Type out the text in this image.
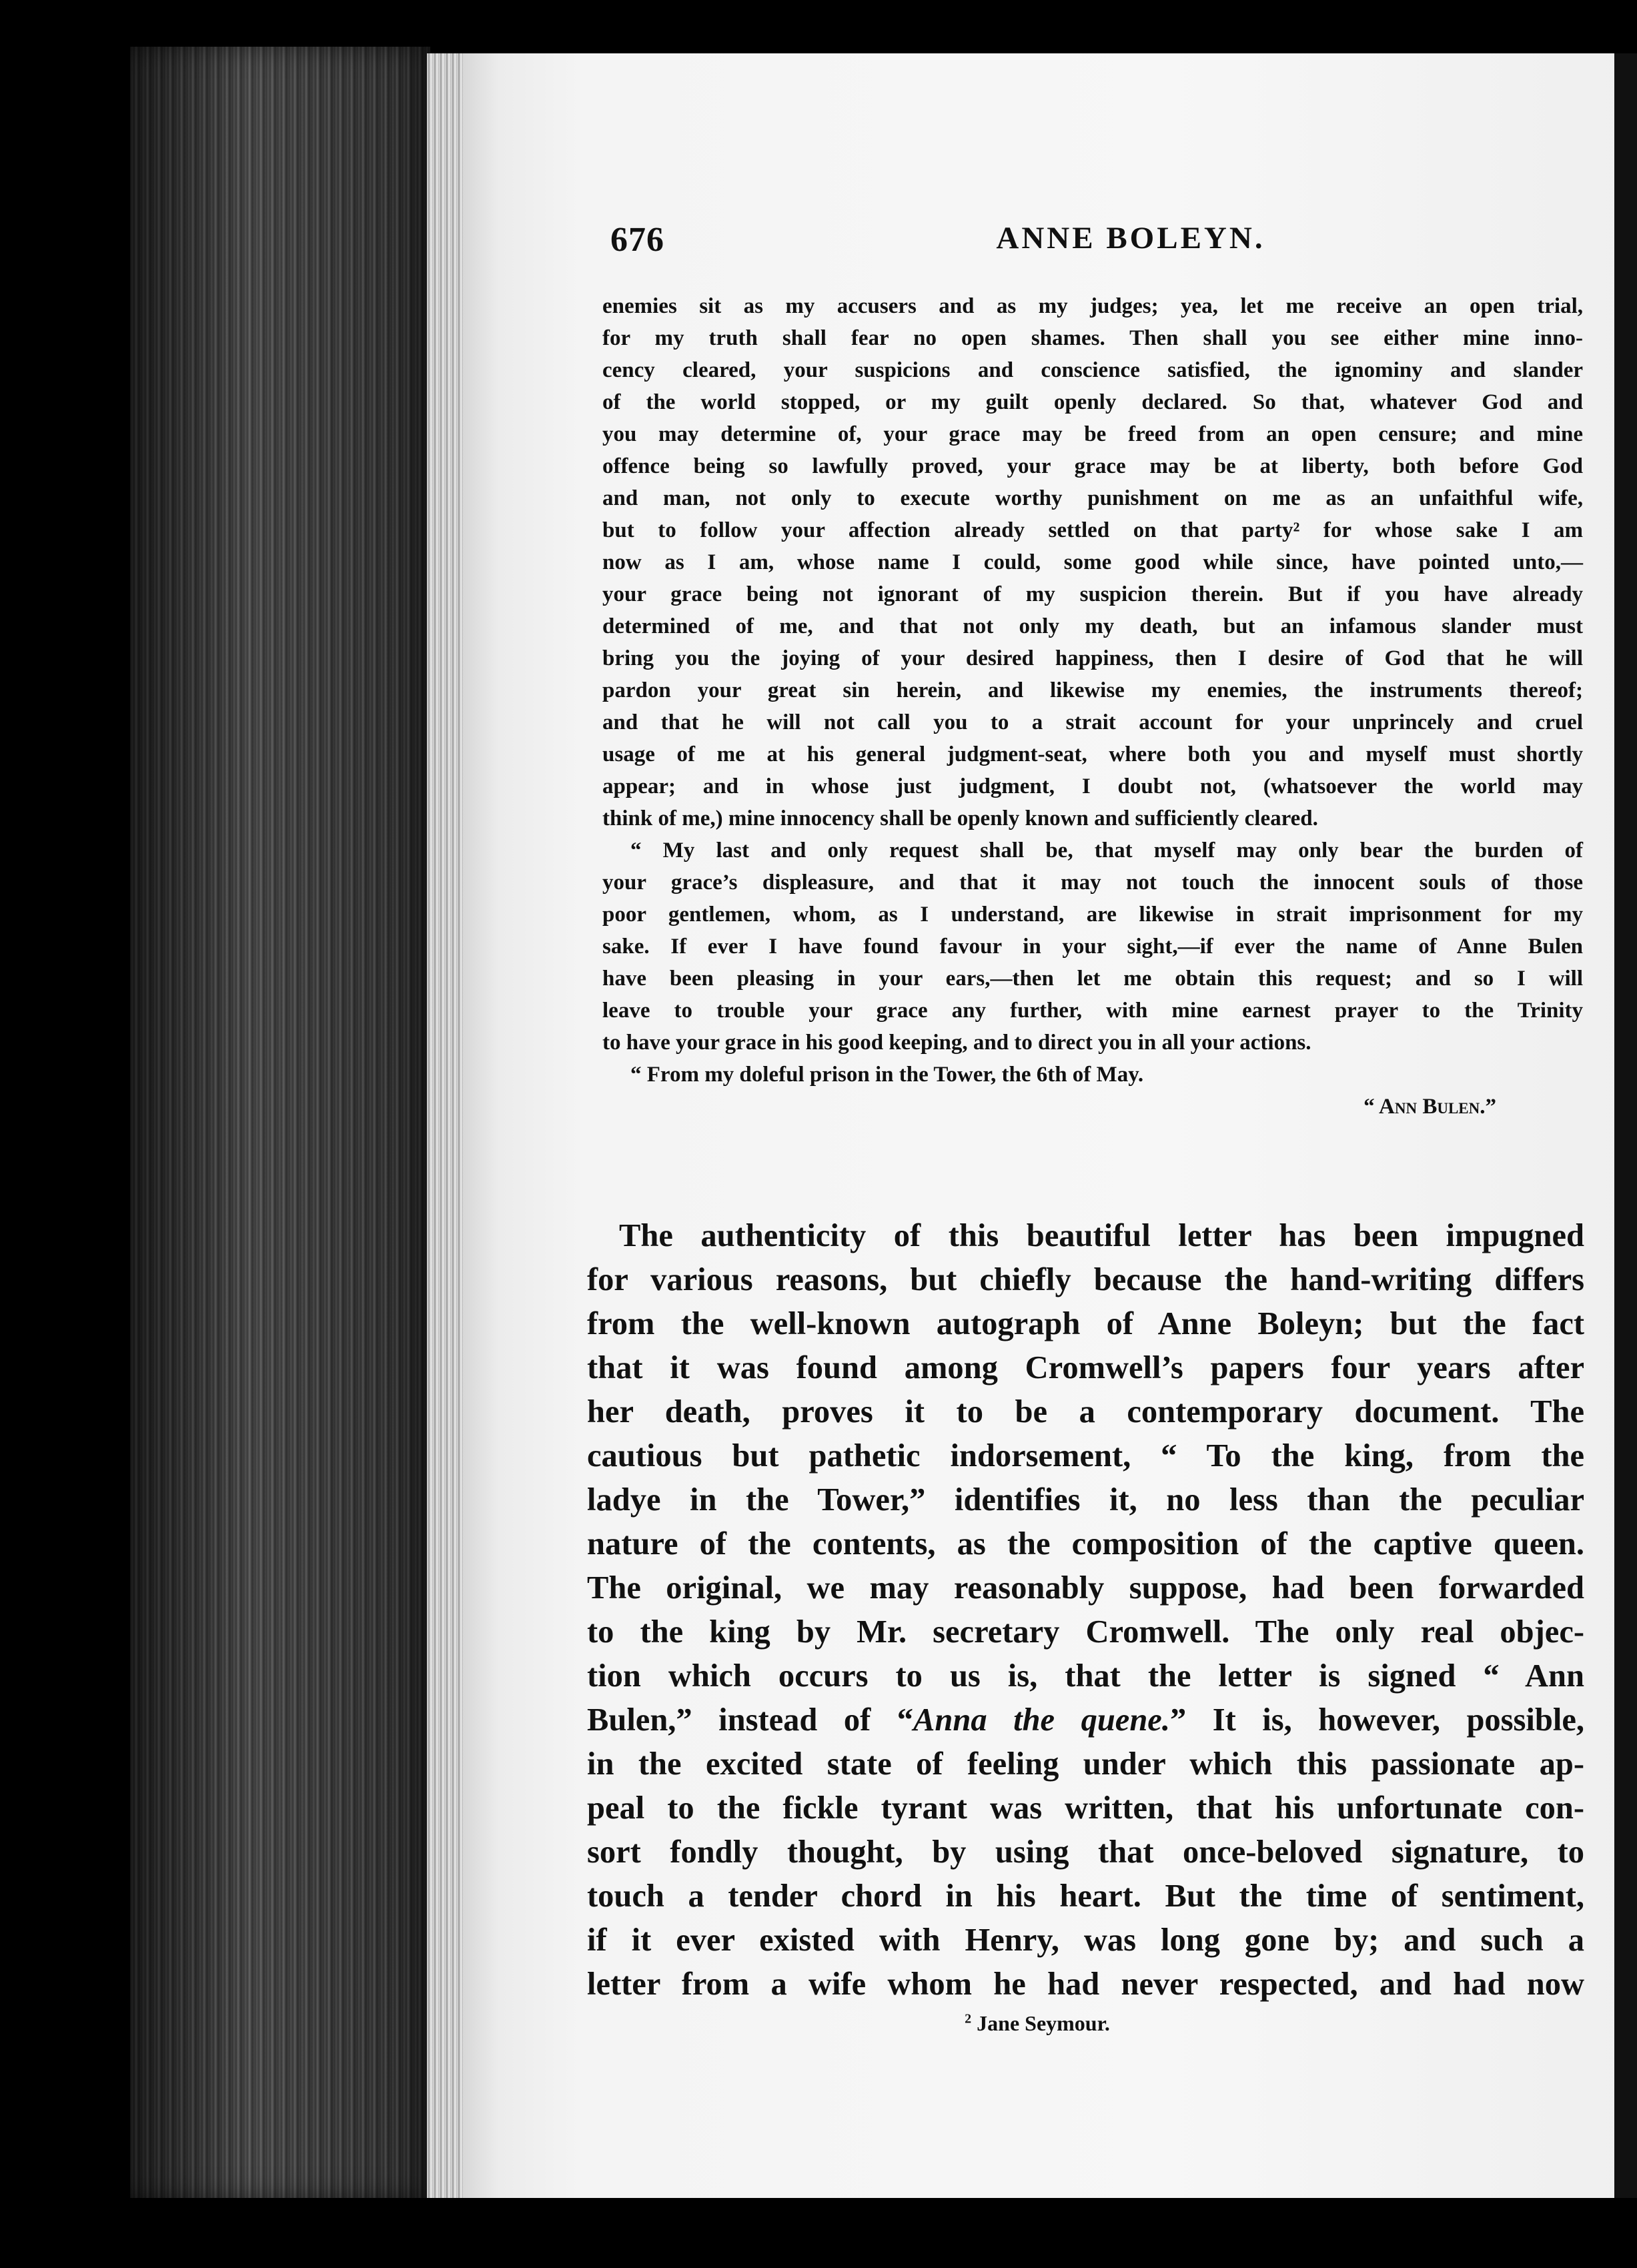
ANNE BOLEYN.
676
enemies sit as my accusers and as my judges; yea, let me receive an open trial,
for my truth shall fear no open shames. Then shall you see either mine inno-
cency cleared, your suspicions and conscience satisfied, the ignominy and slander
of the world stopped, or my guilt openly declared. So that, whatever God and
you may determine of, your grace may be freed from an open censure; and mine
offence being so lawfully proved, your grace may be at liberty, both before God
and man, not only to execute worthy punishment on me as an unfaithful wife,
but to follow your affection already settled on that party² for whose sake I am
now as I am, whose name I could, some good while since, have pointed unto,—
your grace being not ignorant of my suspicion therein. But if you have already
determined of me, and that not only my death, but an infamous slander must
bring you the joying of your desired happiness, then I desire of God that he will
pardon your great sin herein, and likewise my enemies, the instruments thereof;
and that he will not call you to a strait account for your unprincely and cruel
usage of me at his general judgment-seat, where both you and myself must shortly
appear; and in whose just judgment, I doubt not, (whatsoever the world may
think of me,) mine innocency shall be openly known and sufficiently cleared.
“ My last and only request shall be, that myself may only bear the burden of
your grace’s displeasure, and that it may not touch the innocent souls of those
poor gentlemen, whom, as I understand, are likewise in strait imprisonment for my
sake. If ever I have found favour in your sight,—if ever the name of Anne Bulen
have been pleasing in your ears,—then let me obtain this request; and so I will
leave to trouble your grace any further, with mine earnest prayer to the Trinity
to have your grace in his good keeping, and to direct you in all your actions.
“ From my doleful prison in the Tower, the 6th of May.
“ Ann Bulen.”
The authenticity of this beautiful letter has been impugned
for various reasons, but chiefly because the hand-writing differs
from the well-known autograph of Anne Boleyn; but the fact
that it was found among Cromwell’s papers four years after
her death, proves it to be a contemporary document. The
cautious but pathetic indorsement, “ To the king, from the
ladye in the Tower,” identifies it, no less than the peculiar
nature of the contents, as the composition of the captive queen.
The original, we may reasonably suppose, had been forwarded
to the king by Mr. secretary Cromwell. The only real objec-
tion which occurs to us is, that the letter is signed “ Ann
Bulen,” instead of “Anna the quene.” It is, however, possible,
in the excited state of feeling under which this passionate ap-
peal to the fickle tyrant was written, that his unfortunate con-
sort fondly thought, by using that once-beloved signature, to
touch a tender chord in his heart. But the time of sentiment,
if it ever existed with Henry, was long gone by; and such a
letter from a wife whom he had never respected, and had now
$^2$ Jane Seymour.
